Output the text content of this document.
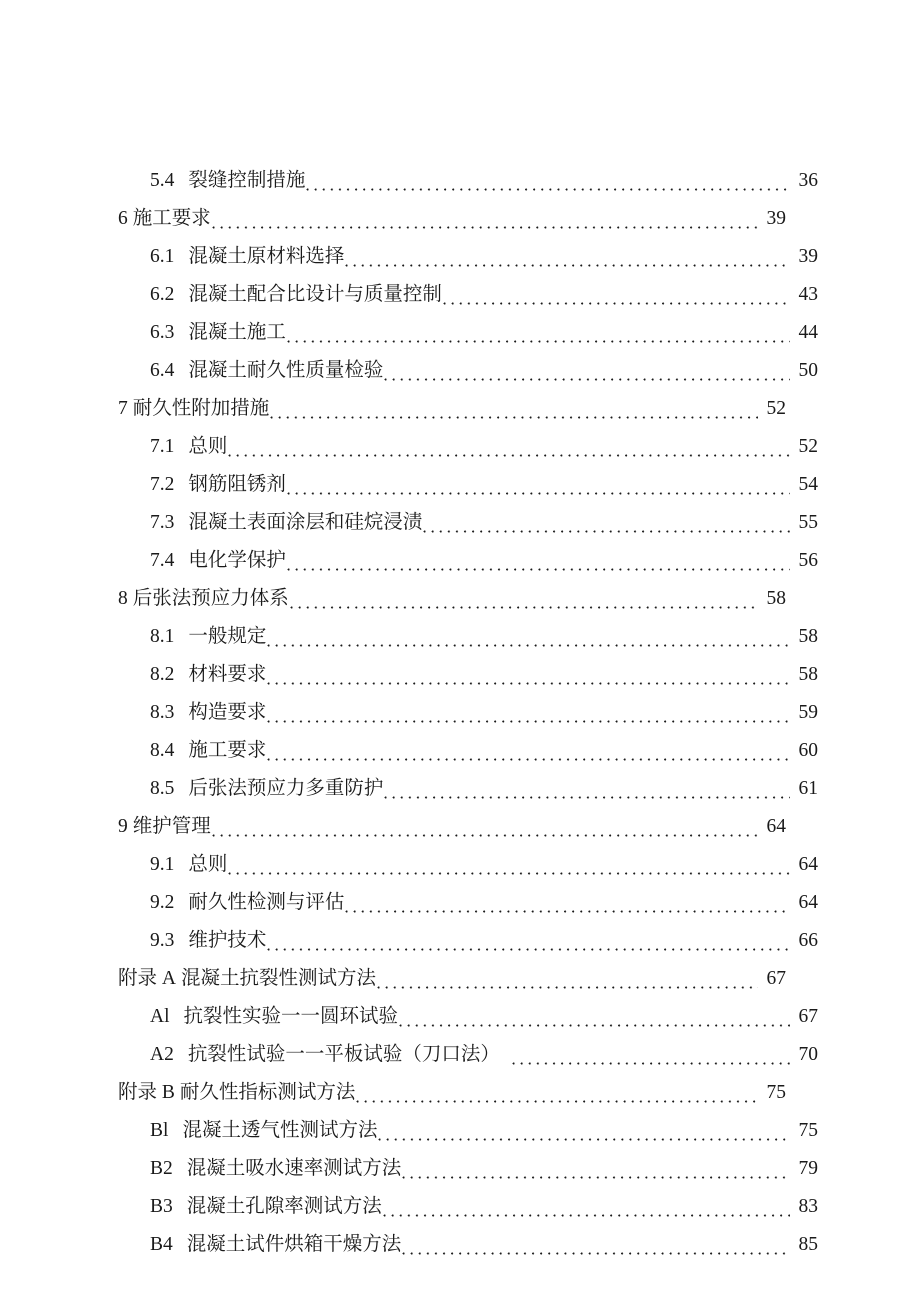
5.4 裂缝控制措施	36
6 施工要求	39
6.1 混凝土原材料选择	39
6.2 混凝土配合比设计与质量控制	43
6.3 混凝土施工	44
6.4 混凝土耐久性质量检验	50
7 耐久性附加措施	52
7.1 总则	52
7.2 钢筋阻锈剂	54
7.3 混凝土表面涂层和硅烷浸渍	55
7.4 电化学保护	56
8 后张法预应力体系	58
8.1 一般规定	58
8.2 材料要求	58
8.3 构造要求	59
8.4 施工要求	60
8.5 后张法预应力多重防护	61
9 维护管理	64
9.1 总则	64
9.2 耐久性检测与评估	64
9.3 维护技术	66
附录 A 混凝土抗裂性测试方法	67
Al 抗裂性实验一一圆环试验	67
A2 抗裂性试验一一平板试验（刀口法）	70
附录 B 耐久性指标测试方法	75
Bl 混凝土透气性测试方法	75
B2 混凝土吸水速率测试方法	79
B3 混凝土孔隙率测试方法	83
B4 混凝土试件烘箱干燥方法	85
